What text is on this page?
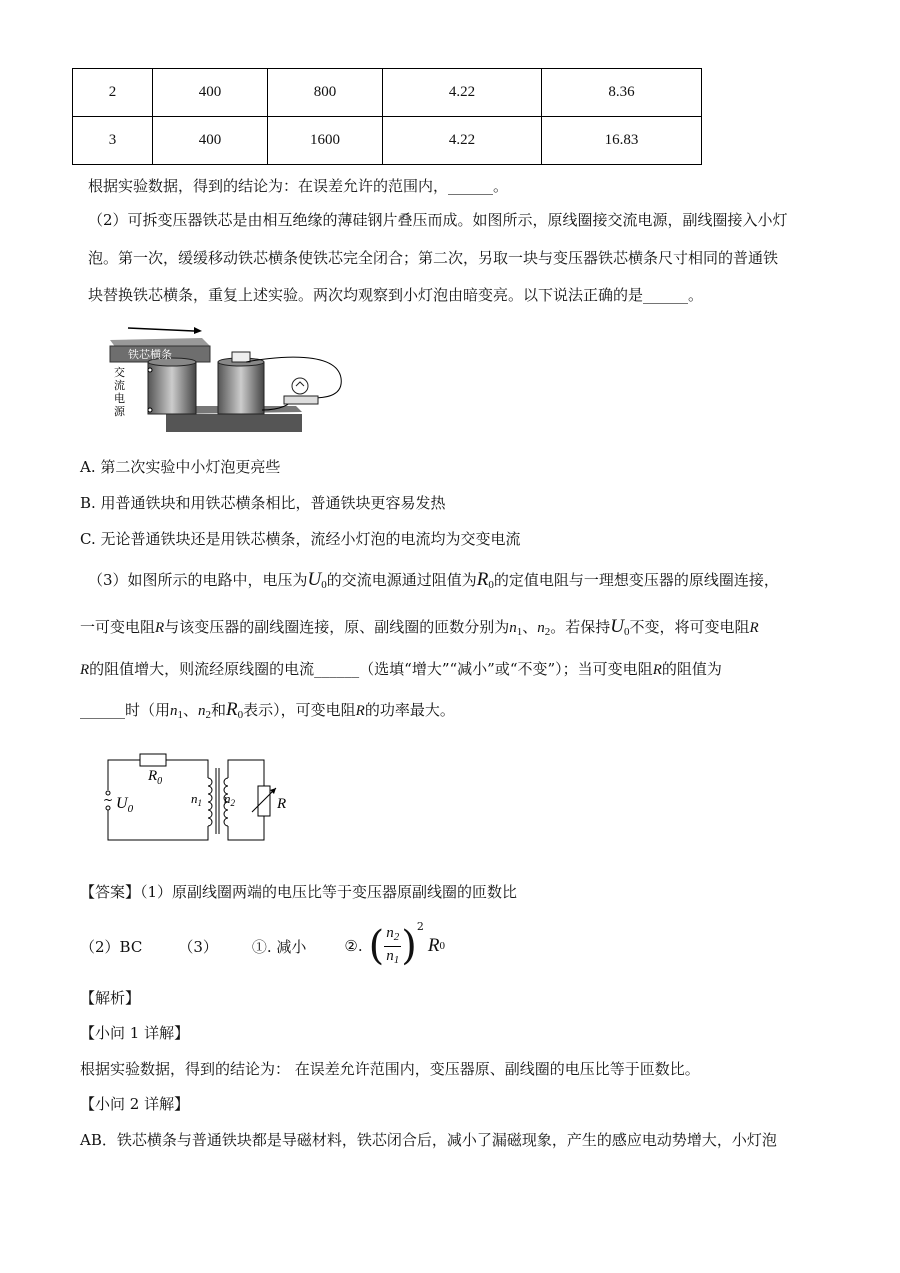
2	400	800	4.22	8.36
3	400	1600	4.22	16.83
根据实验数据，得到的结论为：在误差允许的范围内，______。
（2）可拆变压器铁芯是由相互绝缘的薄硅钢片叠压而成。如图所示，原线圈接交流电源，副线圈接入小灯
泡。第一次，缓缓移动铁芯横条使铁芯完全闭合；第二次，另取一块与变压器铁芯横条尺寸相同的普通铁
块替换铁芯横条，重复上述实验。两次均观察到小灯泡由暗变亮。以下说法正确的是______。
铁芯横条
交
流
电
源
A. 第二次实验中小灯泡更亮些
B. 用普通铁块和用铁芯横条相比，普通铁块更容易发热
C. 无论普通铁块还是用铁芯横条，流经小灯泡的电流均为交变电流
（3）如图所示的电路中，电压为$U_0$的交流电源通过阻值为$R_0$的定值电阻与一理想变压器的原线圈连接，
一可变电阻R与该变压器的副线圈连接，原、副线圈的匝数分别为$n_1$、$n_2$。若保持$U_0$不变，将可变电阻R
R的阻值增大，则流经原线圈的电流______（选填“增大”“减小”或“不变”）；当可变电阻R的阻值为
______时（用$n_1$、$n_2$和$R_0$表示），可变电阻R的功率最大。
~ $U_0$
$R_0$
$n_1$ $n_2$	R
【答案】（1）原副线圈两端的电压比等于变压器原副线圈的匝数比
（2）BC （3） ①. 减小	②. ( $\frac{n_2}{n_1}$ ) 2
R 0
【解析】
【小问 1 详解】
根据实验数据，得到的结论为： 在误差允许范围内，变压器原、副线圈的电压比等于匝数比。
【小问 2 详解】
AB．铁芯横条与普通铁块都是导磁材料，铁芯闭合后，减小了漏磁现象，产生的感应电动势增大，小灯泡
